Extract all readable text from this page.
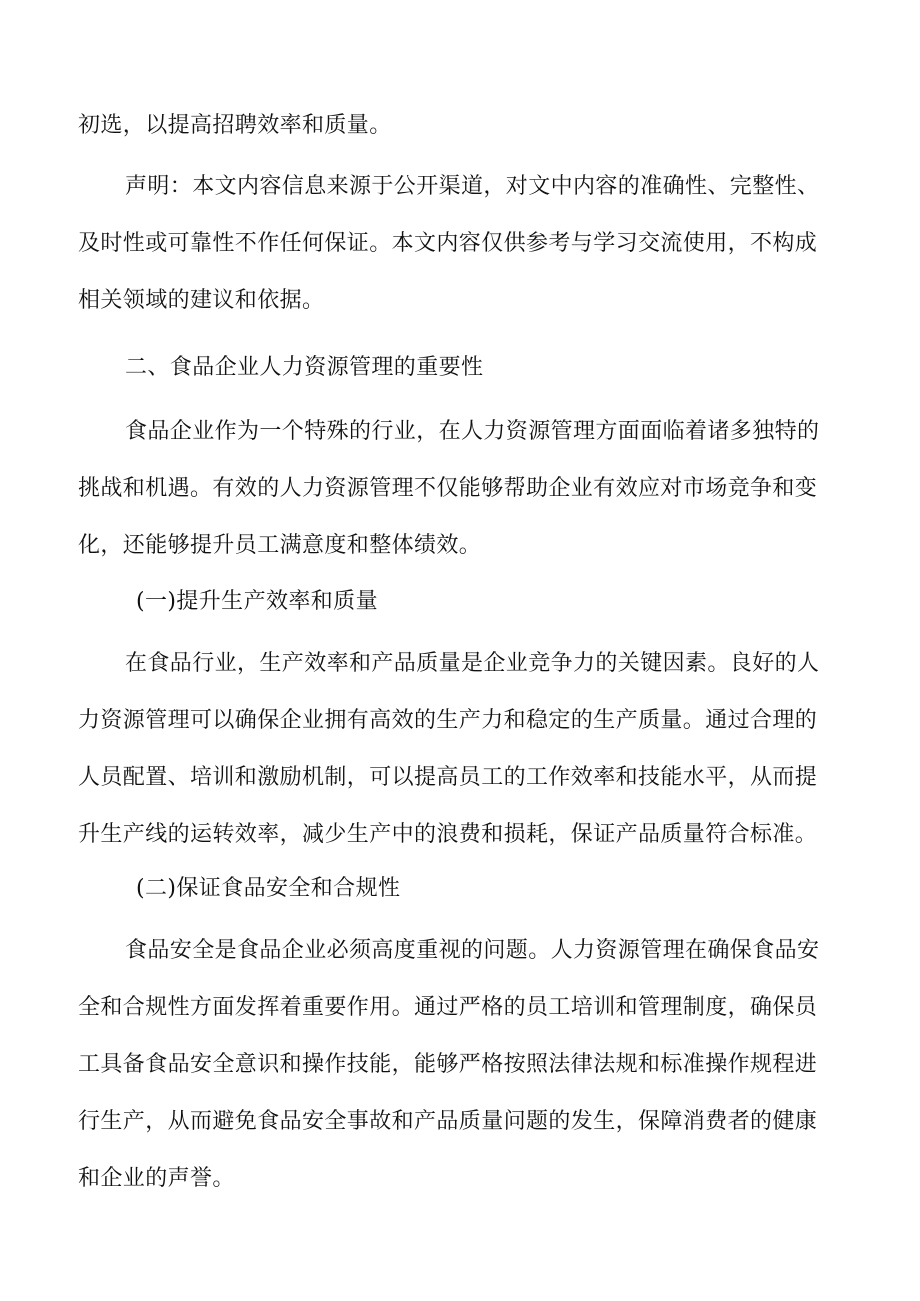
初选，以提高招聘效率和质量。
声明：本文内容信息来源于公开渠道，对文中内容的准确性、完整性、
及时性或可靠性不作任何保证。本文内容仅供参考与学习交流使用，不构成
相关领域的建议和依据。
二、食品企业人力资源管理的重要性
食品企业作为一个特殊的行业，在人力资源管理方面面临着诸多独特的
挑战和机遇。有效的人力资源管理不仅能够帮助企业有效应对市场竞争和变
化，还能够提升员工满意度和整体绩效。
(一)提升生产效率和质量
在食品行业，生产效率和产品质量是企业竞争力的关键因素。良好的人
力资源管理可以确保企业拥有高效的生产力和稳定的生产质量。通过合理的
人员配置、培训和激励机制，可以提高员工的工作效率和技能水平，从而提
升生产线的运转效率，减少生产中的浪费和损耗，保证产品质量符合标准。
(二)保证食品安全和合规性
食品安全是食品企业必须高度重视的问题。人力资源管理在确保食品安
全和合规性方面发挥着重要作用。通过严格的员工培训和管理制度，确保员
工具备食品安全意识和操作技能，能够严格按照法律法规和标准操作规程进
行生产，从而避免食品安全事故和产品质量问题的发生，保障消费者的健康
和企业的声誉。
